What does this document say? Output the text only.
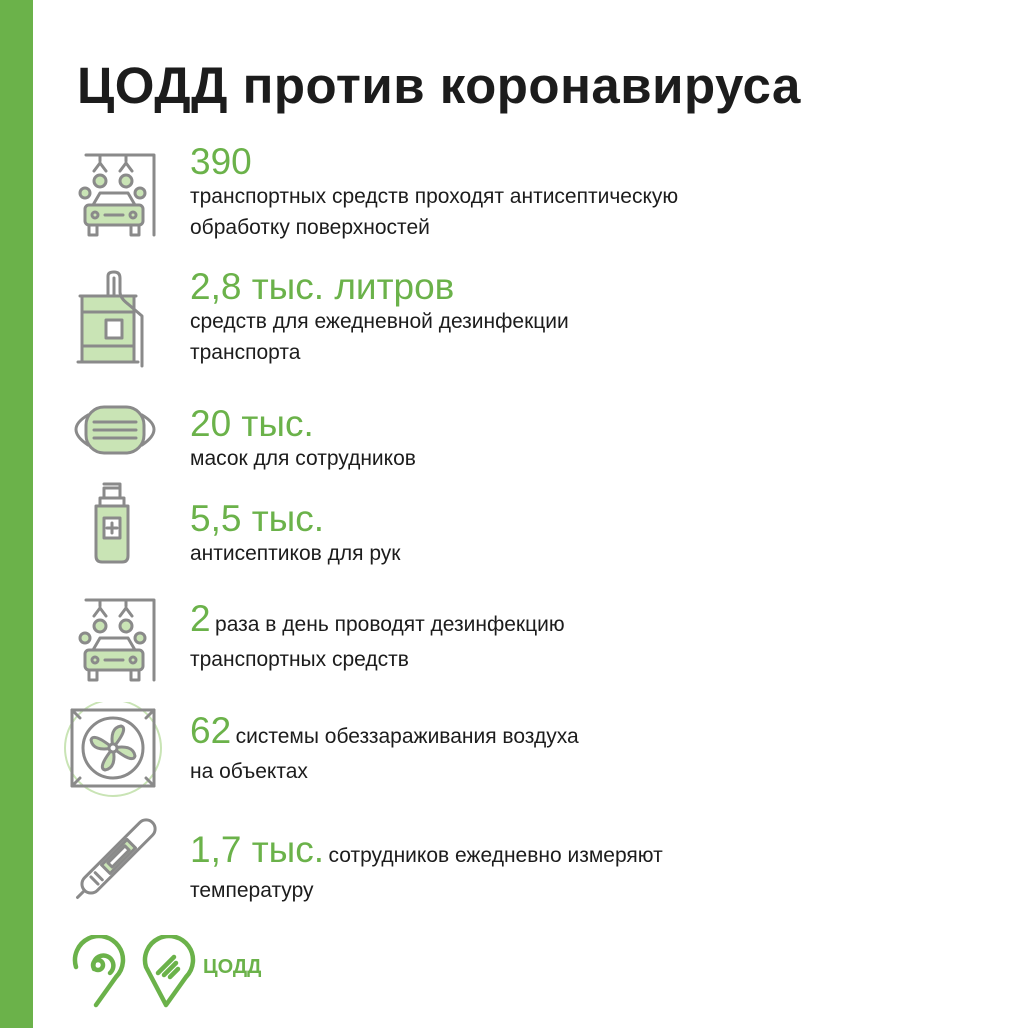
ЦОДД против коронавируса
390
транспортных средств проходят антисептическую
обработку поверхностей
2,8 тыс. литров
средств для ежедневной дезинфекции
транспорта
20 тыс.
масок для сотрудников
5,5 тыс.
антисептиков для рук
2 раза в день проводят дезинфекцию
транспортных средств
62 системы обеззараживания воздуха
на объектах
1,7 тыс. сотрудников ежедневно измеряют
температуру
ЦОДД
